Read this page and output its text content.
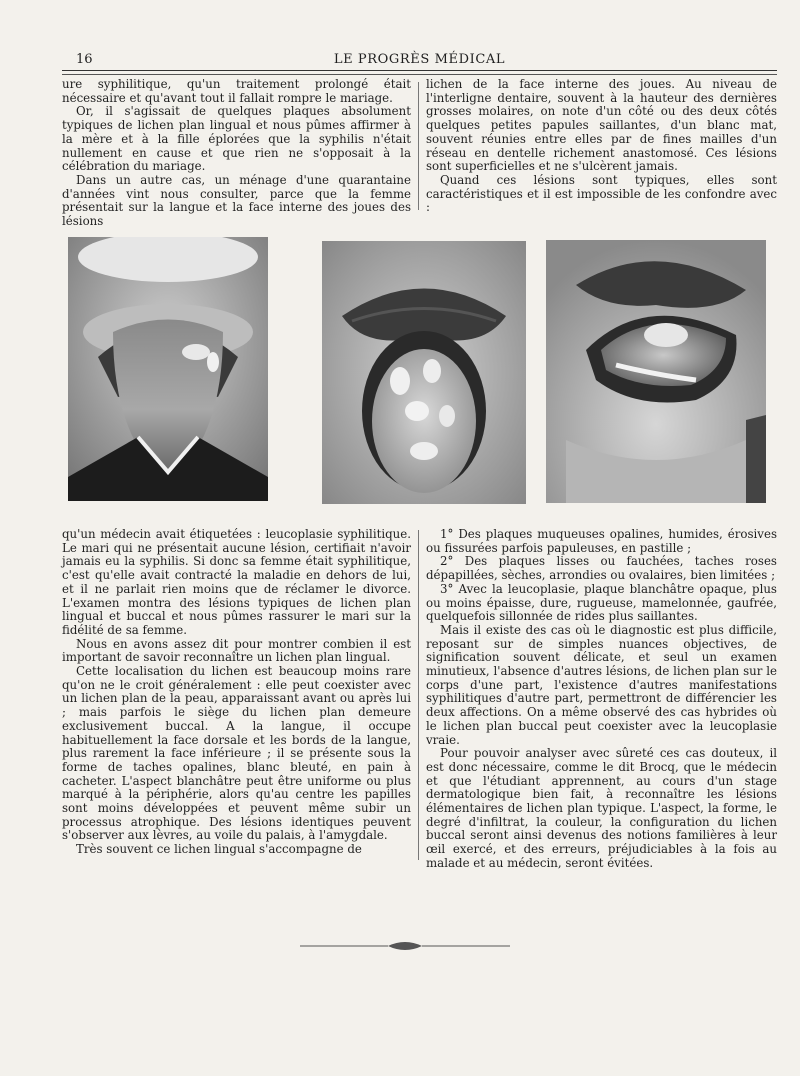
16	LE PROGRÈS MÉDICAL

ure syphilitique, qu'un traitement prolongé était nécessaire et qu'avant tout il fallait rompre le mariage.

Or, il s'agissait de quelques plaques absolument typiques de lichen plan lingual et nous pûmes affirmer à la mère et à la fille éplorées que la syphilis n'était nullement en cause et que rien ne s'opposait à la célébration du mariage.

Dans un autre cas, un ménage d'une quarantaine d'années vint nous consulter, parce que la femme présentait sur la langue et la face interne des joues des lésions

lichen de la face interne des joues. Au niveau de l'interligne dentaire, souvent à la hauteur des dernières grosses molaires, on note d'un côté ou des deux côtés quelques petites papules saillantes, d'un blanc mat, souvent réunies entre elles par de fines mailles d'un réseau en dentelle richement anastomosé. Ces lésions sont superficielles et ne s'ulcèrent jamais.

Quand ces lésions sont typiques, elles sont caractéristiques et il est impossible de les confondre avec :

qu'un médecin avait étiquetées : leucoplasie syphilitique. Le mari qui ne présentait aucune lésion, certifiait n'avoir jamais eu la syphilis. Si donc sa femme était syphilitique, c'est qu'elle avait contracté la maladie en dehors de lui, et il ne parlait rien moins que de réclamer le divorce. L'examen montra des lésions typiques de lichen plan lingual et buccal et nous pûmes rassurer le mari sur la fidélité de sa femme.

Nous en avons assez dit pour montrer combien il est important de savoir reconnaître un lichen plan lingual.

Cette localisation du lichen est beaucoup moins rare qu'on ne le croit généralement : elle peut coexister avec un lichen plan de la peau, apparaissant avant ou après lui ; mais parfois le siège du lichen plan demeure exclusivement buccal. A la langue, il occupe habituellement la face dorsale et les bords de la langue, plus rarement la face inférieure ; il se présente sous la forme de taches opalines, blanc bleuté, en pain à cacheter. L'aspect blanchâtre peut être uniforme ou plus marqué à la périphérie, alors qu'au centre les papilles sont moins développées et peuvent même subir un processus atrophique. Des lésions identiques peuvent s'observer aux lèvres, au voile du palais, à l'amygdale.

Très souvent ce lichen lingual s'accompagne de

1° Des plaques muqueuses opalines, humides, érosives ou fissurées parfois papuleuses, en pastille ;

2° Des plaques lisses ou fauchées, taches roses dépapillées, sèches, arrondies ou ovalaires, bien limitées ;

3° Avec la leucoplasie, plaque blanchâtre opaque, plus ou moins épaisse, dure, rugueuse, mamelonnée, gaufrée, quelquefois sillonnée de rides plus saillantes.

Mais il existe des cas où le diagnostic est plus difficile, reposant sur de simples nuances objectives, de signification souvent délicate, et seul un examen minutieux, l'absence d'autres lésions, de lichen plan sur le corps d'une part, l'existence d'autres manifestations syphilitiques d'autre part, permettront de différencier les deux affections. On a même observé des cas hybrides où le lichen plan buccal peut coexister avec la leucoplasie vraie.

Pour pouvoir analyser avec sûreté ces cas douteux, il est donc nécessaire, comme le dit Brocq, que le médecin et que l'étudiant apprennent, au cours d'un stage dermatologique bien fait, à reconnaître les lésions élémentaires de lichen plan typique. L'aspect, la forme, le degré d'infiltrat, la couleur, la configuration du lichen buccal seront ainsi devenus des notions familières à leur œil exercé, et des erreurs, préjudiciables à la fois au malade et au médecin, seront évitées.
